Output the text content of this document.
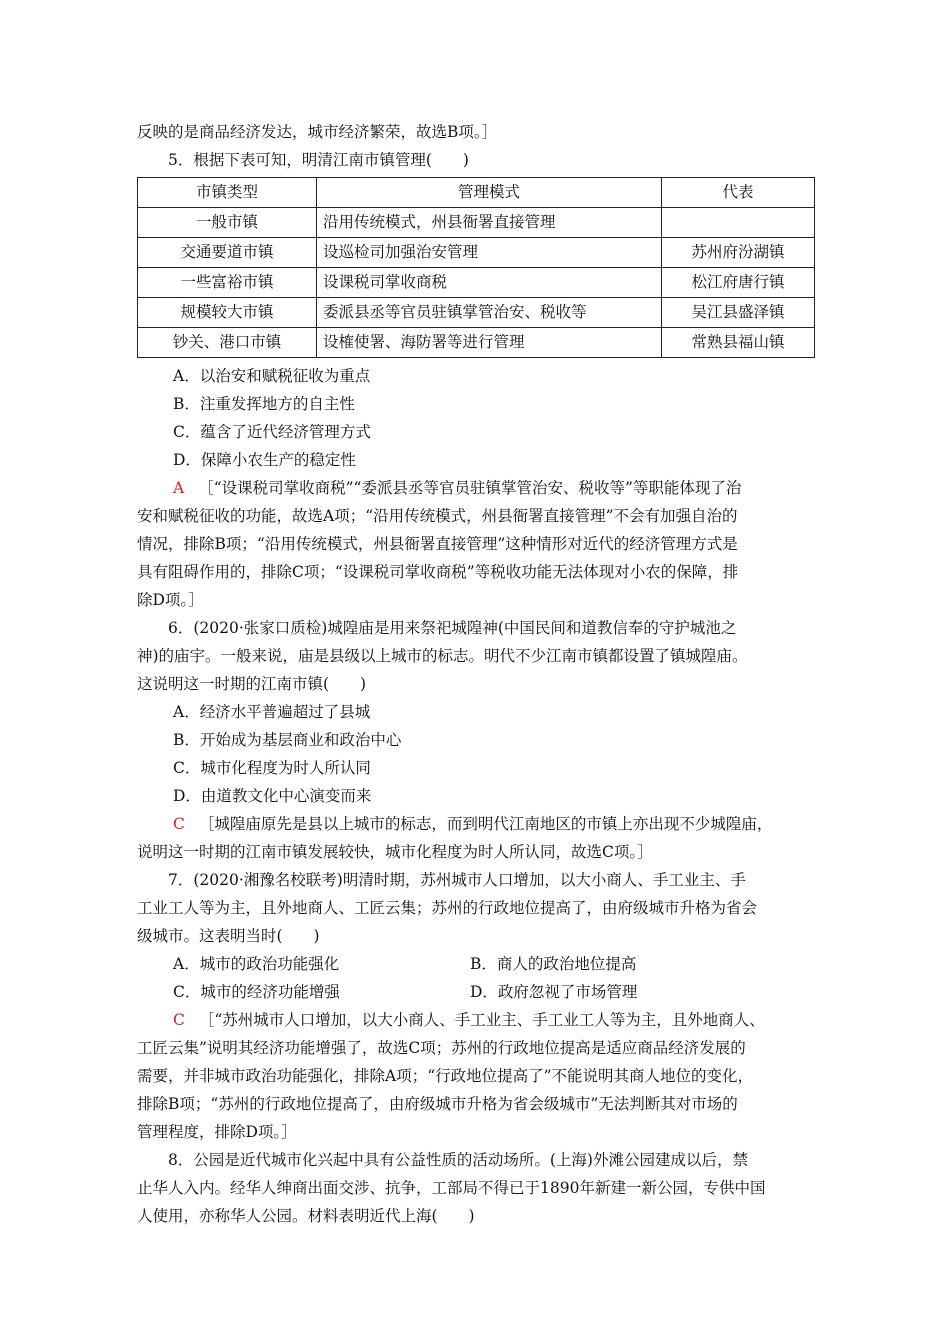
反映的是商品经济发达，城市经济繁荣，故选B项。］
5．根据下表可知，明清江南市镇管理(　　)
市镇类型	管理模式	代表
一般市镇	沿用传统模式，州县衙署直接管理	
交通要道市镇	设巡检司加强治安管理	苏州府汾湖镇
一些富裕市镇	设课税司掌收商税	松江府唐行镇
规模较大市镇	委派县丞等官员驻镇掌管治安、税收等	吴江县盛泽镇
钞关、港口市镇	设榷使署、海防署等进行管理	常熟县福山镇
A．以治安和赋税征收为重点
B．注重发挥地方的自主性
C．蕴含了近代经济管理方式
D．保障小农生产的稳定性
A ［“设课税司掌收商税”“委派县丞等官员驻镇掌管治安、税收等”等职能体现了治
安和赋税征收的功能，故选A项；“沿用传统模式，州县衙署直接管理”不会有加强自治的
情况，排除B项；“沿用传统模式，州县衙署直接管理”这种情形对近代的经济管理方式是
具有阻碍作用的，排除C项；“设课税司掌收商税”等税收功能无法体现对小农的保障，排
除D项。］
6．(2020·张家口质检)城隍庙是用来祭祀城隍神(中国民间和道教信奉的守护城池之
神)的庙宇。一般来说，庙是县级以上城市的标志。明代不少江南市镇都设置了镇城隍庙。
这说明这一时期的江南市镇(　　)
A．经济水平普遍超过了县城
B．开始成为基层商业和政治中心
C．城市化程度为时人所认同
D．由道教文化中心演变而来
C ［城隍庙原先是县以上城市的标志，而到明代江南地区的市镇上亦出现不少城隍庙，
说明这一时期的江南市镇发展较快，城市化程度为时人所认同，故选C项。］
7．(2020·湘豫名校联考)明清时期，苏州城市人口增加，以大小商人、手工业主、手
工业工人等为主，且外地商人、工匠云集；苏州的行政地位提高了，由府级城市升格为省会
级城市。这表明当时(　　)
A．城市的政治功能强化	B．商人的政治地位提高
C．城市的经济功能增强	D．政府忽视了市场管理
C ［“苏州城市人口增加，以大小商人、手工业主、手工业工人等为主，且外地商人、
工匠云集”说明其经济功能增强了，故选C项；苏州的行政地位提高是适应商品经济发展的
需要，并非城市政治功能强化，排除A项；“行政地位提高了”不能说明其商人地位的变化，
排除B项；“苏州的行政地位提高了，由府级城市升格为省会级城市”无法判断其对市场的
管理程度，排除D项。］
8．公园是近代城市化兴起中具有公益性质的活动场所。(上海)外滩公园建成以后，禁
止华人入内。经华人绅商出面交涉、抗争，工部局不得已于1890年新建一新公园，专供中国
人使用，亦称华人公园。材料表明近代上海(　　)
